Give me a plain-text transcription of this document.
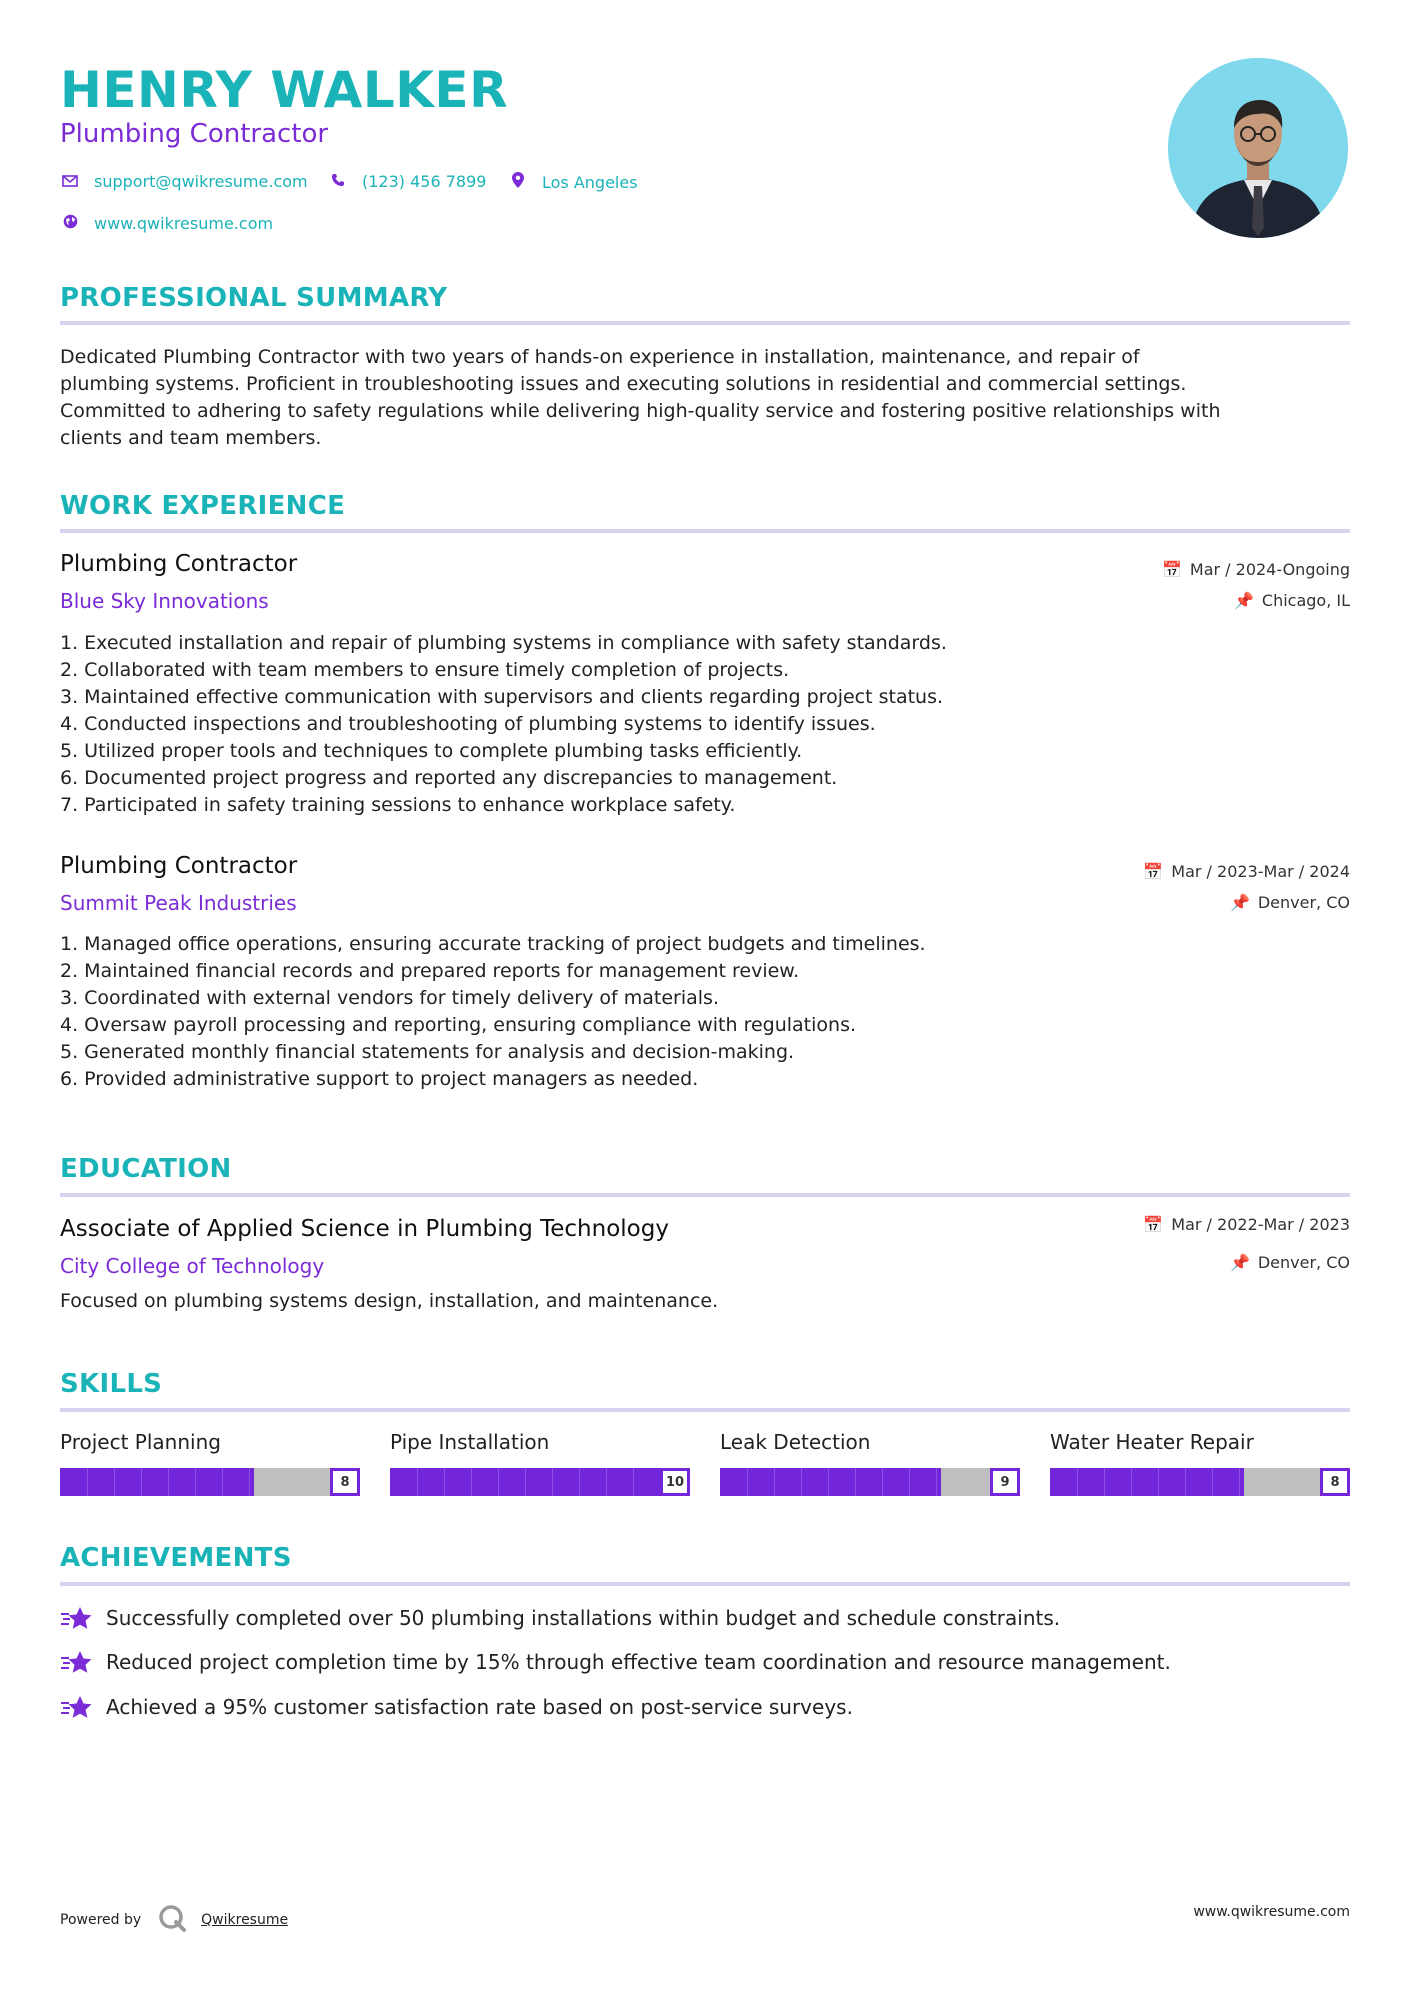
HENRY WALKER
Plumbing Contractor
support@qwikresume.com	(123) 456 7899	Los Angeles
www.qwikresume.com
PROFESSIONAL SUMMARY
Dedicated Plumbing Contractor with two years of hands-on experience in installation, maintenance, and repair of
plumbing systems. Proficient in troubleshooting issues and executing solutions in residential and commercial settings.
Committed to adhering to safety regulations while delivering high-quality service and fostering positive relationships with
clients and team members.
WORK EXPERIENCE
Plumbing Contractor
Blue Sky Innovations
📅 Mar / 2024-Ongoing
📌 Chicago, IL
1. Executed installation and repair of plumbing systems in compliance with safety standards.
2. Collaborated with team members to ensure timely completion of projects.
3. Maintained effective communication with supervisors and clients regarding project status.
4. Conducted inspections and troubleshooting of plumbing systems to identify issues.
5. Utilized proper tools and techniques to complete plumbing tasks efficiently.
6. Documented project progress and reported any discrepancies to management.
7. Participated in safety training sessions to enhance workplace safety.
Plumbing Contractor
Summit Peak Industries
📅 Mar / 2023-Mar / 2024
📌 Denver, CO
1. Managed office operations, ensuring accurate tracking of project budgets and timelines.
2. Maintained financial records and prepared reports for management review.
3. Coordinated with external vendors for timely delivery of materials.
4. Oversaw payroll processing and reporting, ensuring compliance with regulations.
5. Generated monthly financial statements for analysis and decision-making.
6. Provided administrative support to project managers as needed.
EDUCATION
Associate of Applied Science in Plumbing Technology
City College of Technology
📅 Mar / 2022-Mar / 2023
📌 Denver, CO
Focused on plumbing systems design, installation, and maintenance.
SKILLS
Project Planning
8
Pipe Installation
10
Leak Detection
9
Water Heater Repair
8
ACHIEVEMENTS
Successfully completed over 50 plumbing installations within budget and schedule constraints.
Reduced project completion time by 15% through effective team coordination and resource management.
Achieved a 95% customer satisfaction rate based on post-service surveys.
Powered by	Qwikresume	www.qwikresume.com
